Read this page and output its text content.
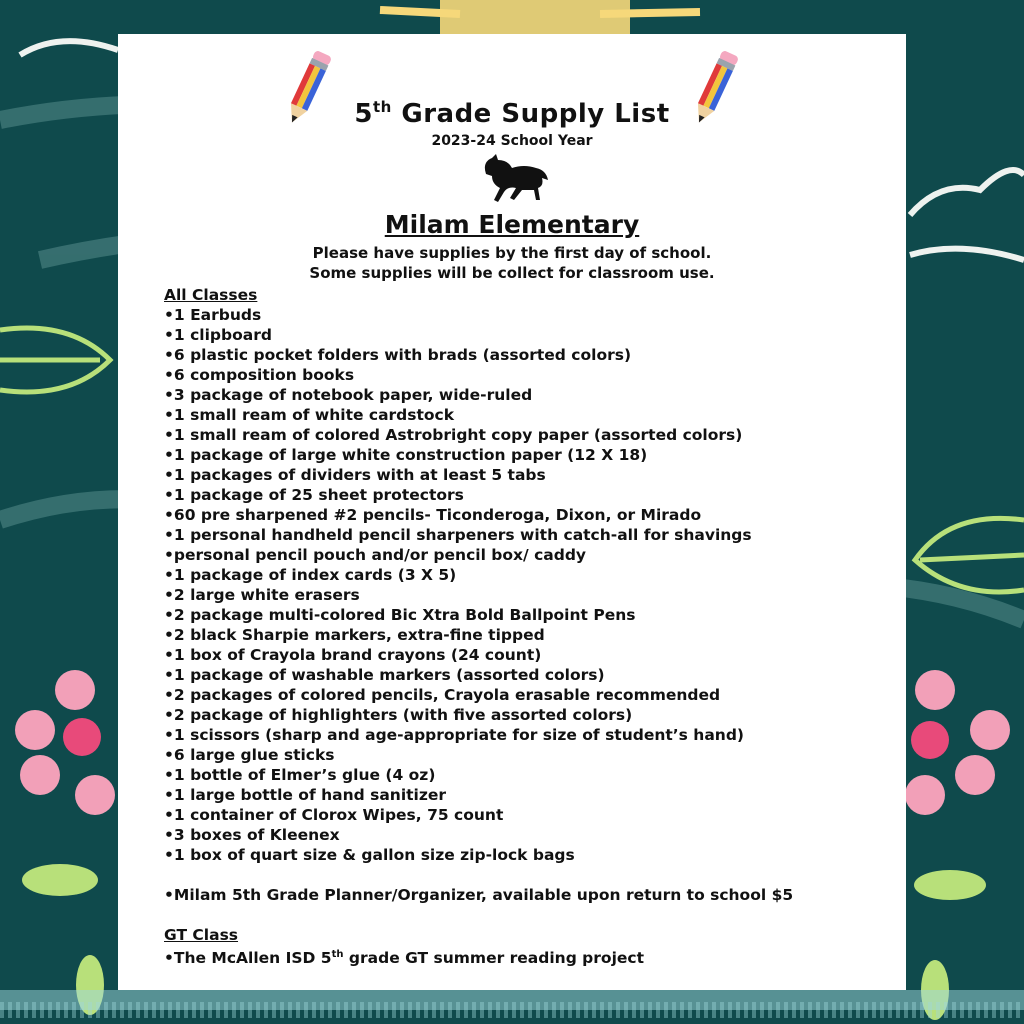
5th Grade Supply List
2023-24 School Year
Milam Elementary
Please have supplies by the first day of school.
Some supplies will be collect for classroom use.
All Classes
•1 Earbuds
•1 clipboard
•6 plastic pocket folders with brads (assorted colors)
•6 composition books
•3 package of notebook paper, wide-ruled
•1 small ream of white cardstock
•1 small ream of colored Astrobright copy paper (assorted colors)
•1 package of large white construction paper (12 X 18)
•1 packages of dividers with at least 5 tabs
•1 package of 25 sheet protectors
•60 pre sharpened #2 pencils- Ticonderoga, Dixon, or Mirado
•1 personal handheld pencil sharpeners with catch-all for shavings
•personal pencil pouch and/or pencil box/ caddy
•1 package of index cards (3 X 5)
•2 large white erasers
•2 package multi-colored Bic Xtra Bold Ballpoint Pens
•2 black Sharpie markers, extra-fine tipped
•1 box of Crayola brand crayons (24 count)
•1 package of washable markers (assorted colors)
•2 packages of colored pencils, Crayola erasable recommended
•2 package of highlighters (with five assorted colors)
•1 scissors (sharp and age-appropriate for size of student’s hand)
•6 large glue sticks
•1 bottle of Elmer’s glue (4 oz)
•1 large bottle of hand sanitizer
•1 container of Clorox Wipes, 75 count
•3 boxes of Kleenex
•1 box of quart size & gallon size zip-lock bags
•Milam 5th Grade Planner/Organizer, available upon return to school $5
GT Class
•The McAllen ISD 5th grade GT summer reading project
